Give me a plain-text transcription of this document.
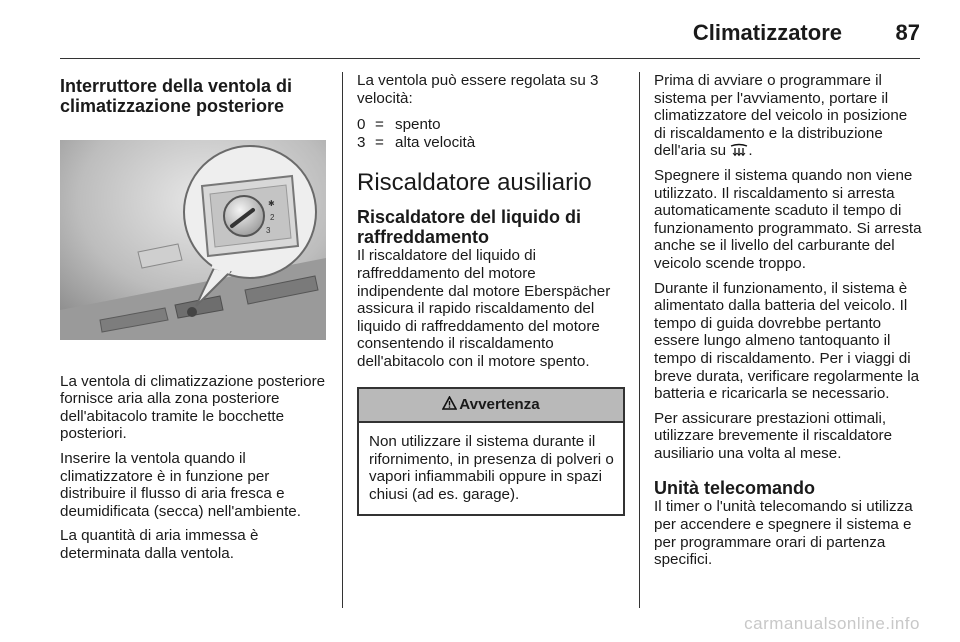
Climatizzatore 87
Interruttore della ventola di climatizzazione posteriore
✱
2
3

La ventola di climatizzazione posteriore fornisce aria alla zona posteriore dell'abitacolo tramite le bocchette posteriori.

Inserire la ventola quando il climatizzatore è in funzione per distribuire il flusso di aria fresca e deumidificata (secca) nell'ambiente.

La quantità di aria immessa è determinata dalla ventola.

La ventola può essere regolata su 3 velocità:

0 = spento
3 = alta velocità
Riscaldatore ausiliario
Riscaldatore del liquido di raffreddamento

Il riscaldatore del liquido di raffreddamento del motore indipendente dal motore Eberspächer assicura il rapido riscaldamento del liquido di raffreddamento del motore consentendo il riscaldamento dell'abitacolo con il motore spento.

Avvertenza
Non utilizzare il sistema durante il rifornimento, in presenza di polveri o vapori infiammabili oppure in spazi chiusi (ad es. garage).

Prima di avviare o programmare il sistema per l'avviamento, portare il climatizzatore del veicolo in posizione di riscaldamento e la distribuzione dell'aria su .

Spegnere il sistema quando non viene utilizzato. Il riscaldamento si arresta automaticamente scaduto il tempo di funzionamento programmato. Si arresta anche se il livello del carburante del veicolo scende troppo.

Durante il funzionamento, il sistema è alimentato dalla batteria del veicolo. Il tempo di guida dovrebbe pertanto essere lungo almeno tantoquanto il tempo di riscaldamento. Per i viaggi di breve durata, verificare regolarmente la batteria e ricaricarla se necessario.

Per assicurare prestazioni ottimali, utilizzare brevemente il riscaldatore ausiliario una volta al mese.

Unità telecomando

Il timer o l'unità telecomando si utilizza per accendere e spegnere il sistema e per programmare orari di partenza specifici.

carmanualsonline.info
